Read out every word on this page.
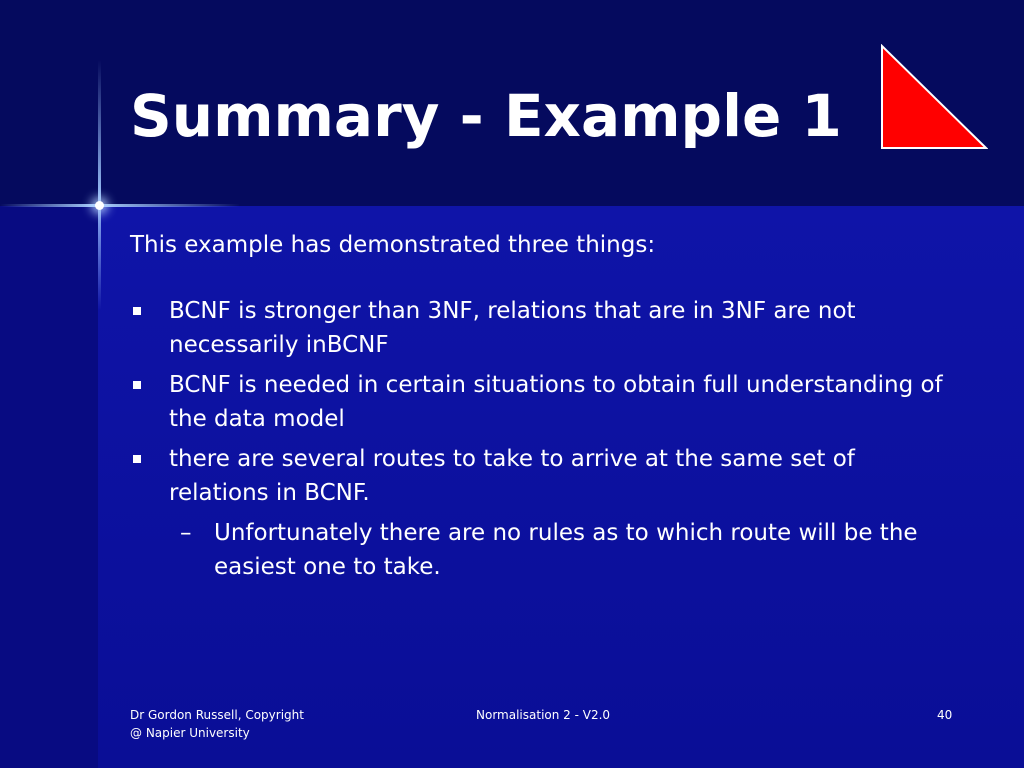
Summary - Example 1

This example has demonstrated three things:

BCNF is stronger than 3NF, relations that are in 3NF are not necessarily inBCNF
BCNF is needed in certain situations to obtain full understanding of the data model
there are several routes to take to arrive at the same set of relations in BCNF.
– Unfortunately there are no rules as to which route will be the easiest one to take.
Dr Gordon Russell, Copyright
@ Napier University
Normalisation 2 - V2.0	40
